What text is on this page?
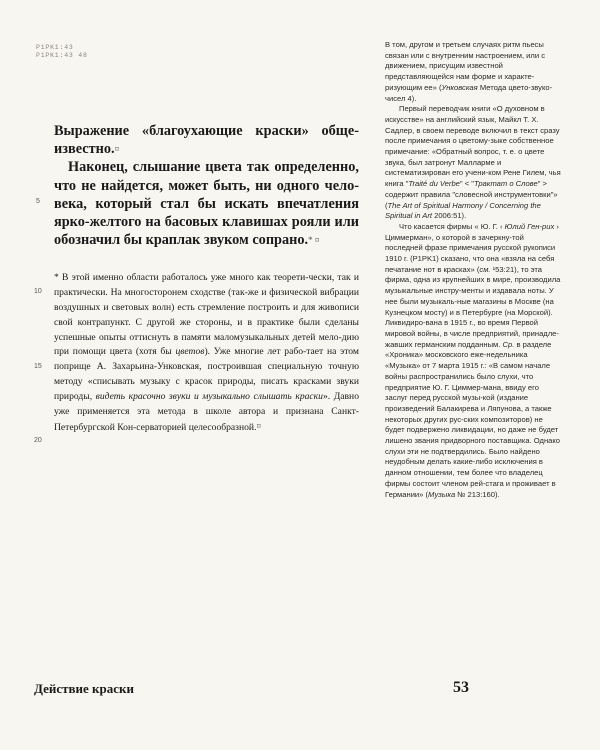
P1PK1:43
P1PK1:43 48

Выражение «благоухающие краски» обще-известно.¤

Наконец, слышание цвета так определенно, что не найдется, может быть, ни одного чело-века, который стал бы искать впечатления ярко-желтого на басовых клавишах рояли или обозначил бы краплак звуком сопрано.* ¤

* В этой именно области работалось уже много как теорети-чески, так и практически. На многосторонем сходстве (так-же и физической вибрации воздушных и световых волн) есть стремление построить и для живописи свой контрапункт. С другой же стороны, и в практике были сделаны успешные опыты оттиснуть в памяти маломузыкальных детей мело-дию при помощи цвета (хотя бы цветов). Уже многие лет рабо-тает на этом поприще А. Захарьина-Унковская, построившая специальную точную методу «списывать музыку с красок природы, писать красками звуки природы, видеть красочно звуки и музыкально слышать краски». Давно уже применяется эта метода в школе автора и признана Санкт-Петербургской Кон-серваторией целесообразной.¤
5
10
15
20

В том, другом и третьем случаях ритм пьесы связан или с внутренним настроением, или с движением, присущим известной представляющейся нам форме и характе-ризующим ее» (Унковская Метода цвето-звуко-чисел 4).

Первый переводчик книги «О духовном в искусстве» на английский язык, Майкл Т. Х. Садлер, в своем переводе включил в текст сразу после примечания о цветому-зыке собственное примечание: «Обратный вопрос, т. е. о цвете звука, был затронут Малларме и систематизирован его учени-ком Рене Гилем, чья книга "Traité du Verbe" < "Трактат о Слове" > содержит правила "словесной инструментовки"» (The Art of Spiritual Harmony / Concerning the Spiritual in Art 2006:51).

Что касается фирмы « Ю. Г. ‹ Юлий Ген-рих › Циммерман», о которой в зачеркну-той последней фразе примечания русской рукописи 1910 г. (P1PK1) сказано, что она «взяла на себя печатание нот в красках» (см. ¹53:21), то эта фирма, одна из крупнейших в мире, производила музыкальные инстру-менты и издавала ноты. У нее были музыкаль-ные магазины в Москве (на Кузнецком мосту) и в Петербурге (на Морской). Ликвидиро-вана в 1915 г., во время Первой мировой войны, в числе предприятий, принадле-жавших германским подданным. Ср. в разделе «Хроника» московского еже-недельника «Музыка» от 7 марта 1915 г.: «В самом начале войны распространились было слухи, что предприятие Ю. Г. Циммер-мана, ввиду его заслуг перед русской музы-кой (издание произведений Балакирева и Ляпунова, а также некоторых других рус-ских композиторов) не будет подвержено ликвидации, но даже не будет лишено звания придворного поставщика. Однако слухи эти не подтвердились. Было найдено неудобным делать какие-либо исключения в данном отношении, тем более что владелец фирмы состоит членом рей-стага и проживает в Германии» (Музыка № 213:160).

Действие краски	53
